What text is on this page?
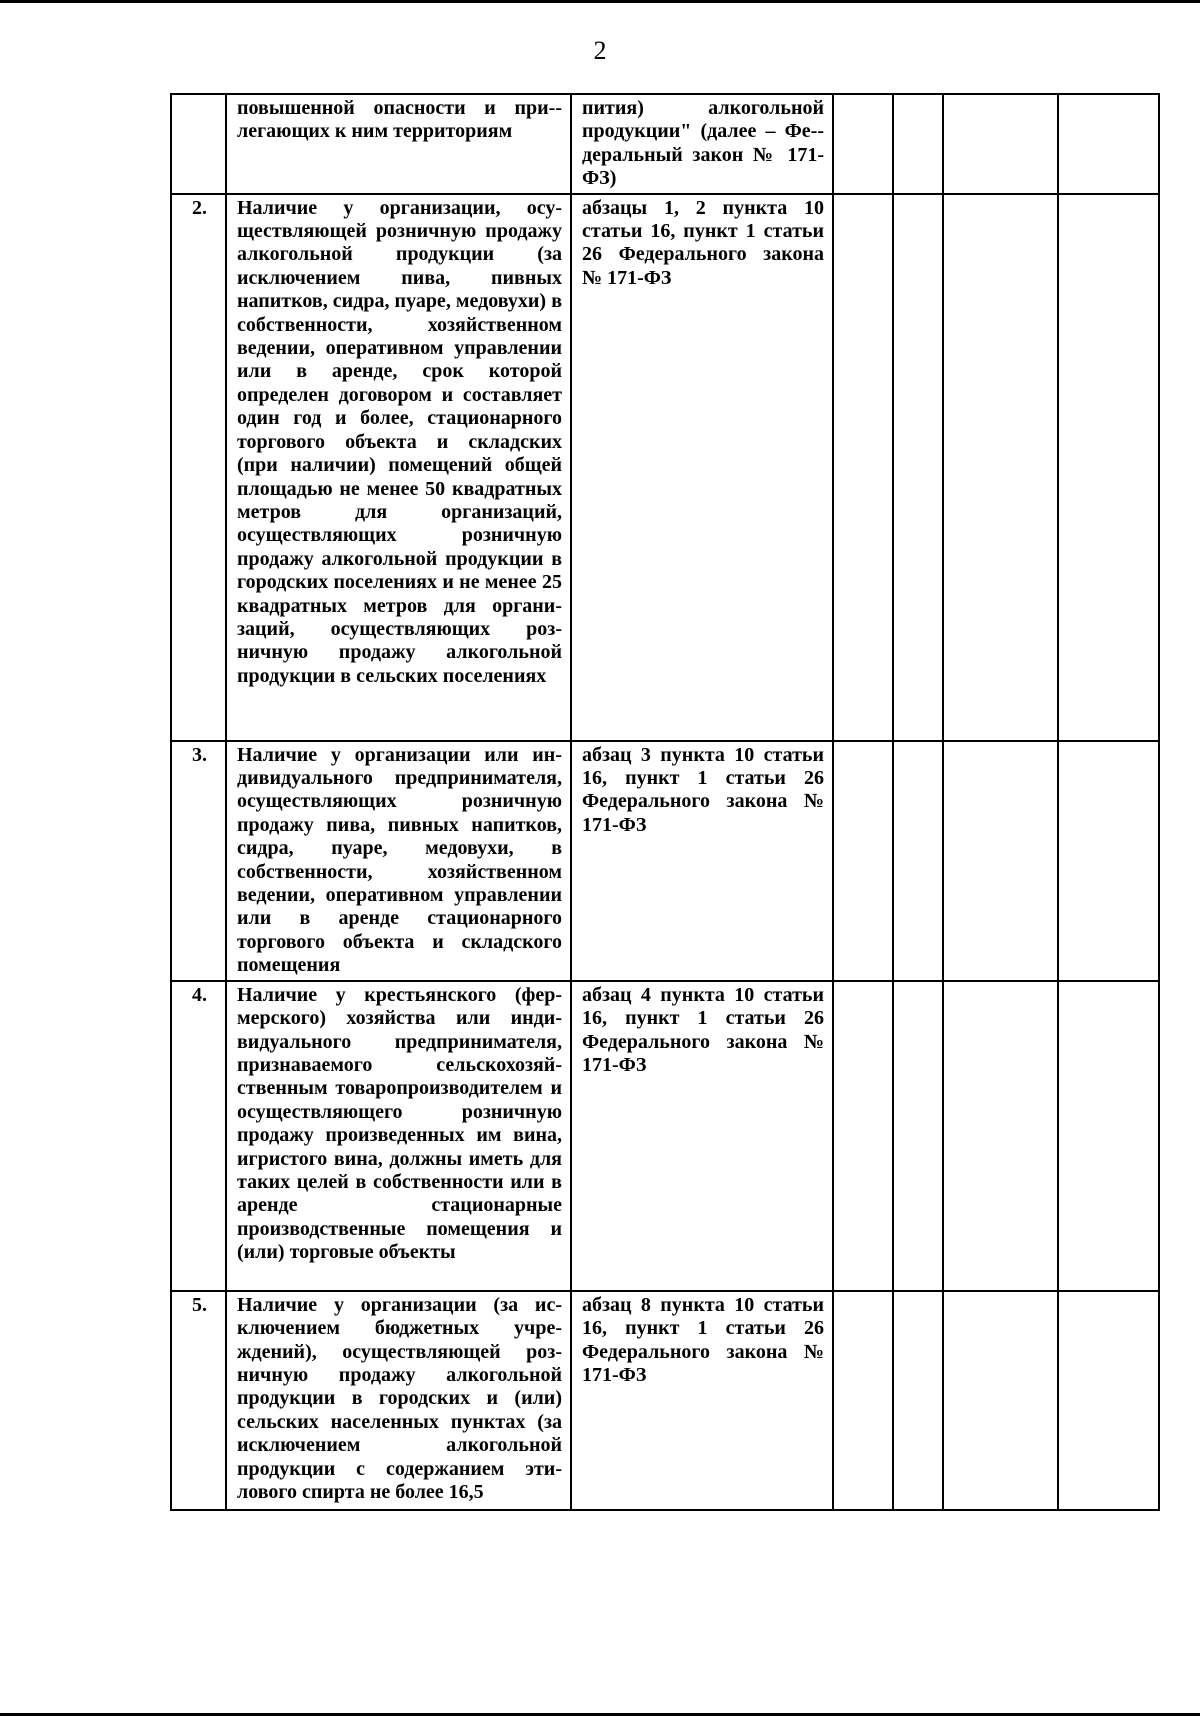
2
	повышенной опасности и при-легающих к ним территориям	пития) алкогольной продукции" (далее – Фе-деральный закон № 171-ФЗ)				
2.	Наличие у организации, осуществляющей розничную продажу алкогольной продукции (за исключением пива, пивных напитков, сидра, пуаре, медовухи) в собственности, хозяйственном ведении, оперативном управлении или в аренде, срок которой определен договором и составляет один год и более, стационарного торгового объекта и складских (при наличии) помещений общей площадью не менее 50 квадратных метров для организаций, осуществляющих розничную продажу алкогольной продукции в городских поселениях и не менее 25 квадратных метров для организаций, осуществляющих розничную продажу алкогольной продукции в сельских поселениях	абзацы 1, 2 пункта 10 статьи 16, пункт 1 статьи 26 Федерального закона № 171-ФЗ				
3.	Наличие у организации или индивидуального предпринимателя, осуществляющих розничную продажу пива, пивных напитков, сидра, пуаре, медовухи, в собственности, хозяйственном ведении, оперативном управлении или в аренде стационарного торгового объекта и складского помещения	абзац 3 пункта 10 статьи 16, пункт 1 статьи 26 Федерального закона № 171-ФЗ				
4.	Наличие у крестьянского (фермерского) хозяйства или индивидуального предпринимателя, признаваемого сельскохозяйственным товаропроизводителем и осуществляющего розничную продажу произведенных им вина, игристого вина, должны иметь для таких целей в собственности или в аренде стационарные производственные помещения и (или) торговые объекты	абзац 4 пункта 10 статьи 16, пункт 1 статьи 26 Федерального закона № 171-ФЗ				
5.	Наличие у организации (за исключением бюджетных учреждений), осуществляющей розничную продажу алкогольной продукции в городских и (или) сельских населенных пунктах (за исключением алкогольной продукции с содержанием этилового спирта не более 16,5	абзац 8 пункта 10 статьи 16, пункт 1 статьи 26 Федерального закона № 171-ФЗ				
